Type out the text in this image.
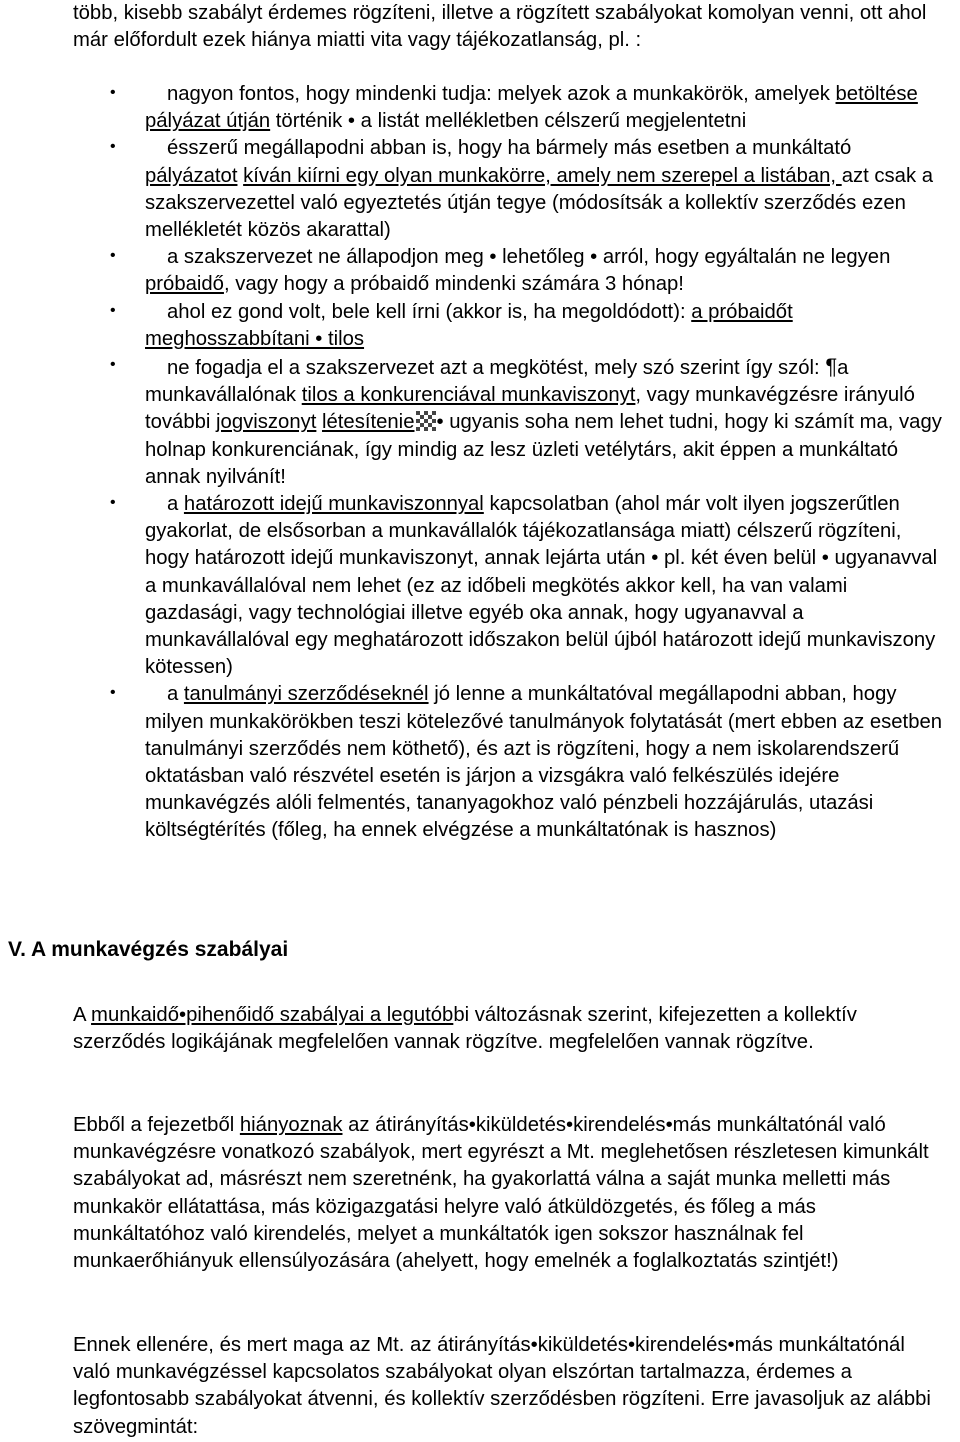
több, kisebb szabályt érdemes rögzíteni, illetve a rögzített szabályokat komolyan venni, ott ahol már előfordult ezek hiánya miatti vita vagy tájékozatlanság, pl. :
•	nagyon fontos, hogy mindenki tudja: melyek azok a munkakörök, amelyek betöltése pályázat útján történik • a listát mellékletben célszerű megjelentetni
•	ésszerű megállapodni abban is, hogy ha bármely más esetben a munkáltató pályázatot kíván kiírni egy olyan munkakörre, amely nem szerepel a listában, azt csak a szakszervezettel való egyeztetés útján tegye (módosítsák a kollektív szerződés ezen mellékletét közös akarattal)
•	a szakszervezet ne állapodjon meg • lehetőleg • arról, hogy egyáltalán ne legyen próbaidő, vagy hogy a próbaidő mindenki számára 3 hónap!
•	ahol ez gond volt, bele kell írni (akkor is, ha megoldódott): a próbaidőt meghosszabbítani • tilos
•	ne fogadja el a szakszervezet azt a megkötést, mely szó szerint így szól: ¶a munkavállalónak tilos a konkurenciával munkaviszonyt, vagy munkavégzésre irányuló további jogviszonyt létesítenie • ugyanis soha nem lehet tudni, hogy ki számít ma, vagy holnap konkurenciának, így mindig az lesz üzleti vetélytárs, akit éppen a munkáltató annak nyilvánít!
•	a határozott idejű munkaviszonnyal kapcsolatban (ahol már volt ilyen jogszerűtlen gyakorlat, de elsősorban a munkavállalók tájékozatlansága miatt) célszerű rögzíteni, hogy határozott idejű munkaviszonyt, annak lejárta után • pl. két éven belül • ugyanavval a munkavállalóval nem lehet (ez az időbeli megkötés akkor kell, ha van valami gazdasági, vagy technológiai illetve egyéb oka annak, hogy ugyanavval a munkavállalóval egy meghatározott időszakon belül újból határozott idejű munkaviszony kötessen)
•	a tanulmányi szerződéseknél jó lenne a munkáltatóval megállapodni abban, hogy milyen munkakörökben teszi kötelezővé tanulmányok folytatását (mert ebben az esetben tanulmányi szerződés nem köthető), és azt is rögzíteni, hogy a nem iskolarendszerű oktatásban való részvétel esetén is járjon a vizsgákra való felkészülés idejére munkavégzés alóli felmentés, tananyagokhoz való pénzbeli hozzájárulás, utazási költségtérítés (főleg, ha ennek elvégzése a munkáltatónak is hasznos)
V. A munkavégzés szabályai
A munkaidő•pihenőidő szabályai a legutóbbi változásnak szerint, kifejezetten a kollektív szerződés logikájának megfelelően vannak rögzítve. megfelelően vannak rögzítve.
Ebből a fejezetből hiányoznak az átirányítás•kiküldetés•kirendelés•más munkáltatónál való munkavégzésre vonatkozó szabályok, mert egyrészt a Mt. meglehetősen részletesen kimunkált szabályokat ad, másrészt nem szeretnénk, ha gyakorlattá válna a saját munka melletti más munkakör ellátattása, más közigazgatási helyre való átküldözgetés, és főleg a más munkáltatóhoz való kirendelés, melyet a munkáltatók igen sokszor használnak fel munkaerőhiányuk ellensúlyozására (ahelyett, hogy emelnék a foglalkoztatás szintjét!)
Ennek ellenére, és mert maga az Mt. az átirányítás•kiküldetés•kirendelés•más munkáltatónál való munkavégzéssel kapcsolatos szabályokat olyan elszórtan tartalmazza, érdemes a legfontosabb szabályokat átvenni, és kollektív szerződésben rögzíteni. Erre javasoljuk az alábbi szövegmintát:
